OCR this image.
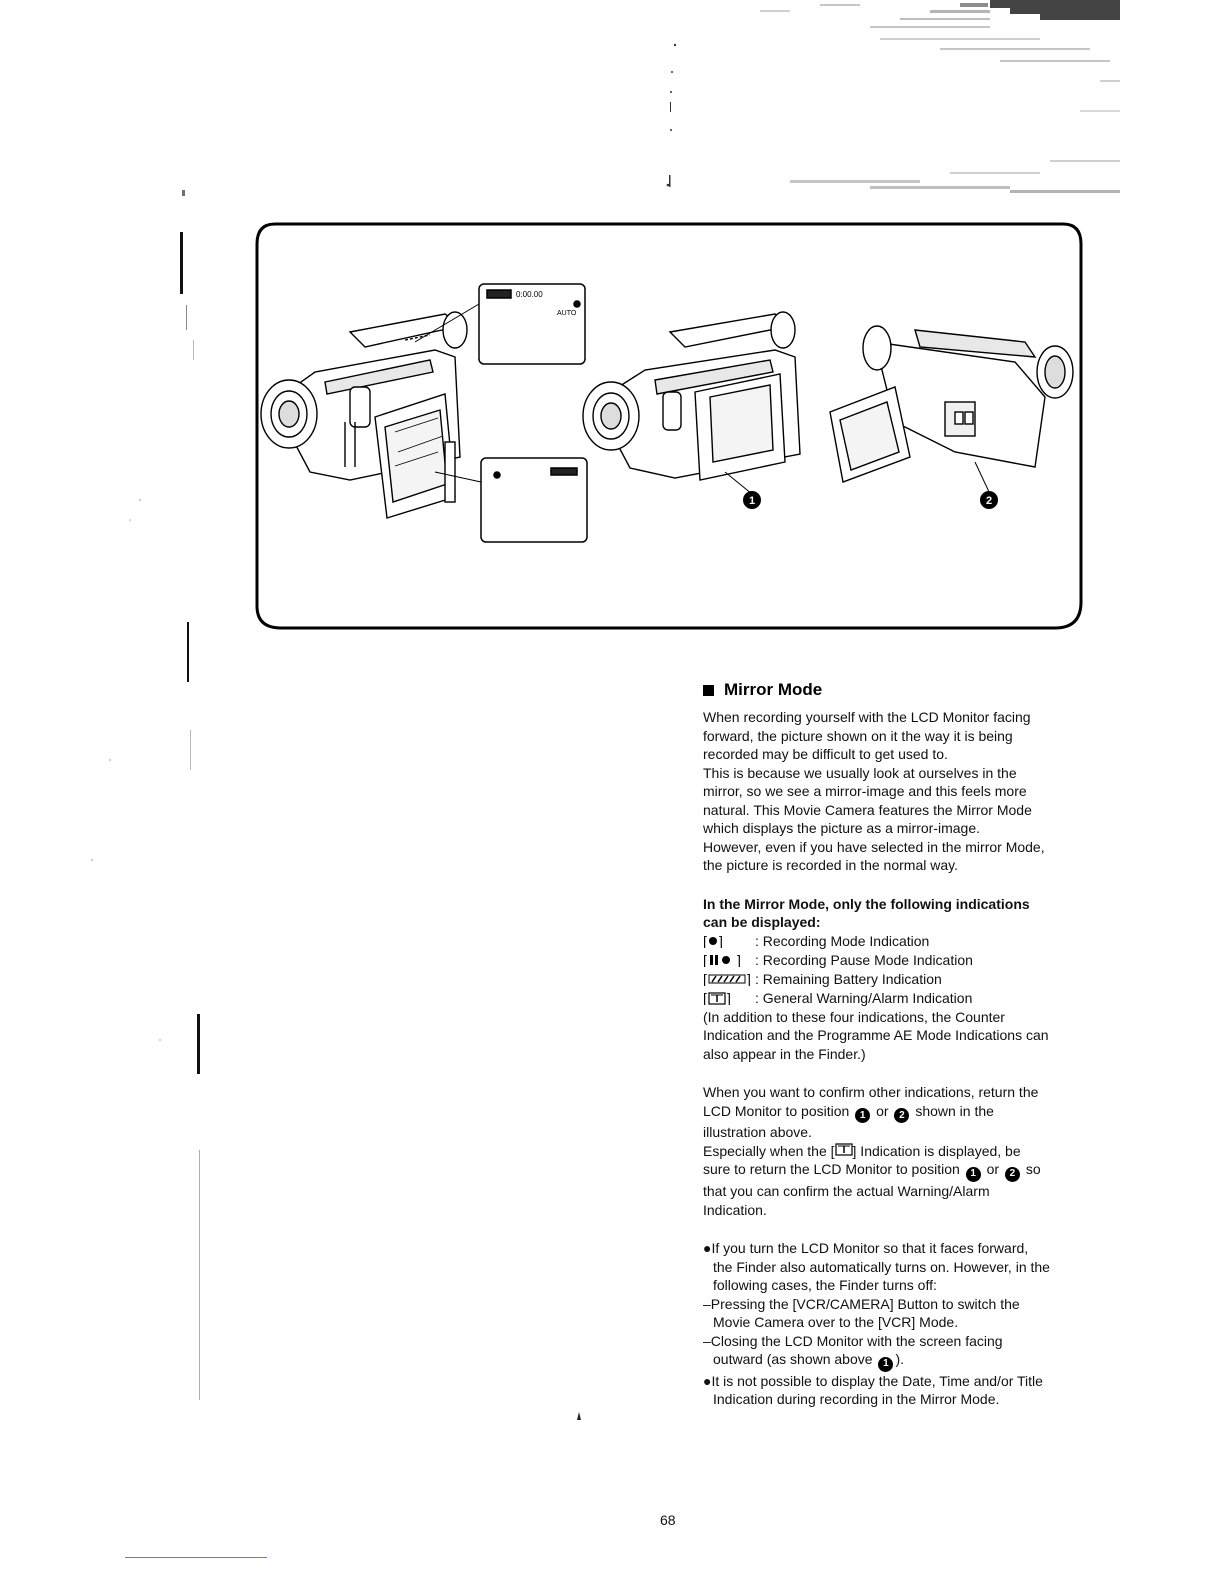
0:00.00
AUTO
1	2
Mirror Mode

When recording yourself with the LCD Monitor facing

forward, the picture shown on it the way it is being

recorded may be difficult to get used to.

This is because we usually look at ourselves in the

mirror, so we see a mirror-image and this feels more

natural. This Movie Camera features the Mirror Mode

which displays the picture as a mirror-image.

However, even if you have selected in the mirror Mode,

the picture is recorded in the normal way.

In the Mirror Mode, only the following indications

can be displayed:

[ ] : Recording Mode Indication
[ ] : Recording Pause Mode Indication
[	] : Remaining Battery Indication
[ ] : General Warning/Alarm Indication

(In addition to these four indications, the Counter

Indication and the Programme AE Mode Indications can

also appear in the Finder.)

When you want to confirm other indications, return the

LCD Monitor to position 1 or 2 shown in the

illustration above.

Especially when the [ ] Indication is displayed, be

sure to return the LCD Monitor to position 1 or 2 so

that you can confirm the actual Warning/Alarm

Indication.

●If you turn the LCD Monitor so that it faces forward,

the Finder also automatically turns on. However, in the

following cases, the Finder turns off:

–Pressing the [VCR/CAMERA] Button to switch the

Movie Camera over to the [VCR] Mode.

–Closing the LCD Monitor with the screen facing

outward (as shown above 1 ).

●It is not possible to display the Date, Time and/or Title

Indication during recording in the Mirror Mode.

68
